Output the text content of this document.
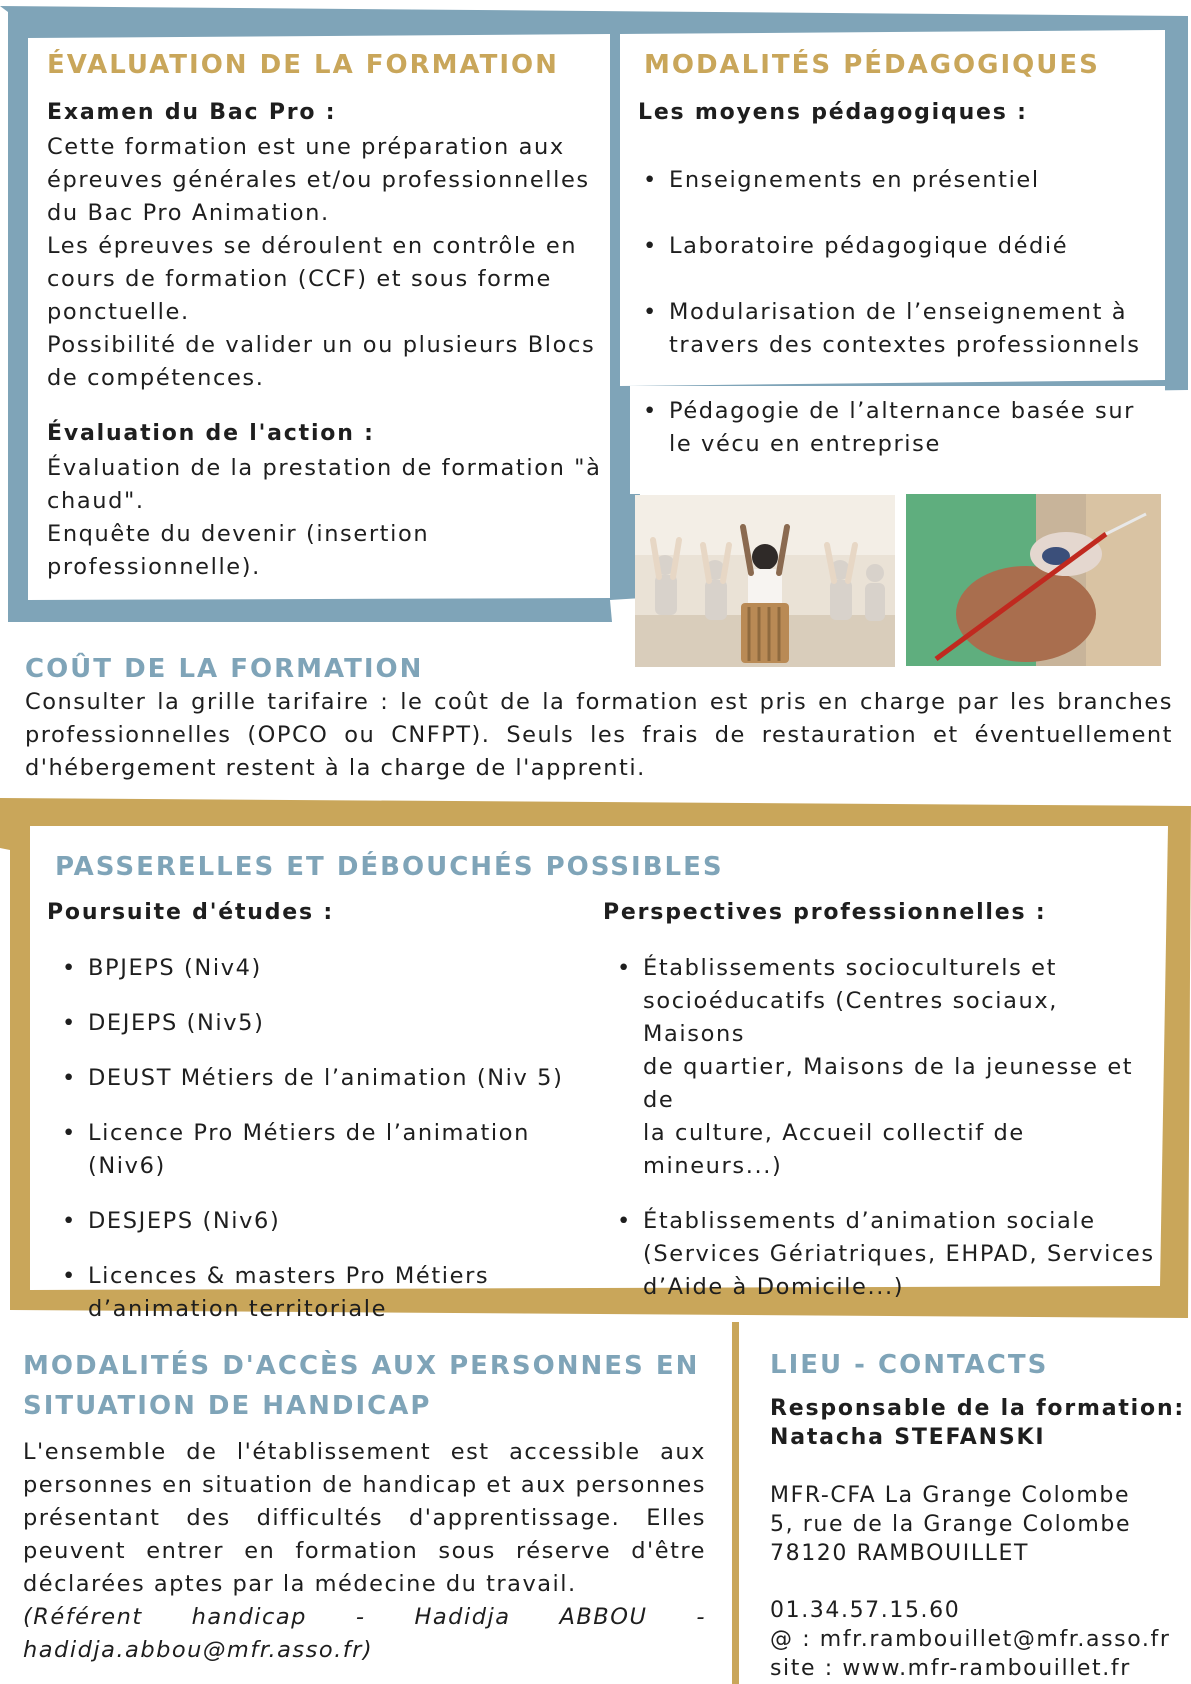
ÉVALUATION DE LA FORMATION
Examen du Bac Pro :
Cette formation est une préparation aux
épreuves générales et/ou professionnelles
du Bac Pro Animation.
Les épreuves se déroulent en contrôle en
cours de formation (CCF) et sous forme
ponctuelle.
Possibilité de valider un ou plusieurs Blocs
de compétences.
Évaluation de l'action :
Évaluation de la prestation de formation "à
chaud".
Enquête du devenir (insertion
professionnelle).
MODALITÉS PÉDAGOGIQUES
Les moyens pédagogiques :
• Enseignements en présentiel
• Laboratoire pédagogique dédié
• Modularisation de l’enseignement à
travers des contextes professionnels
• Pédagogie de l’alternance basée sur
le vécu en entreprise
COÛT DE LA FORMATION
Consulter la grille tarifaire : le coût de la formation est pris en charge par les branches professionnelles (OPCO ou CNFPT). Seuls les frais de restauration et éventuellement d'hébergement restent à la charge de l'apprenti.
PASSERELLES ET DÉBOUCHÉS POSSIBLES
Poursuite d'études :
• BPJEPS (Niv4)
• DEJEPS (Niv5)
• DEUST Métiers de l’animation (Niv 5)
• Licence Pro Métiers de l’animation (Niv6)
• DESJEPS (Niv6)
• Licences & masters Pro Métiers
d’animation territoriale
Perspectives professionnelles :
• Établissements socioculturels et
socioéducatifs (Centres sociaux, Maisons
de quartier, Maisons de la jeunesse et de
la culture, Accueil collectif de mineurs...)
• Établissements d’animation sociale
(Services Gériatriques, EHPAD, Services
d’Aide à Domicile...)
MODALITÉS D'ACCÈS AUX PERSONNES EN
SITUATION DE HANDICAP
L'ensemble de l'établissement est accessible aux personnes en situation de handicap et aux personnes présentant des difficultés d'apprentissage. Elles peuvent entrer en formation sous réserve d'être déclarées aptes par la médecine du travail.
(Référent handicap - Hadidja ABBOU - hadidja.abbou@mfr.asso.fr)
LIEU - CONTACTS
Responsable de la formation:
Natacha STEFANSKI
MFR-CFA La Grange Colombe
5, rue de la Grange Colombe
78120 RAMBOUILLET
01.34.57.15.60
@ : mfr.rambouillet@mfr.asso.fr
site : www.mfr-rambouillet.fr
